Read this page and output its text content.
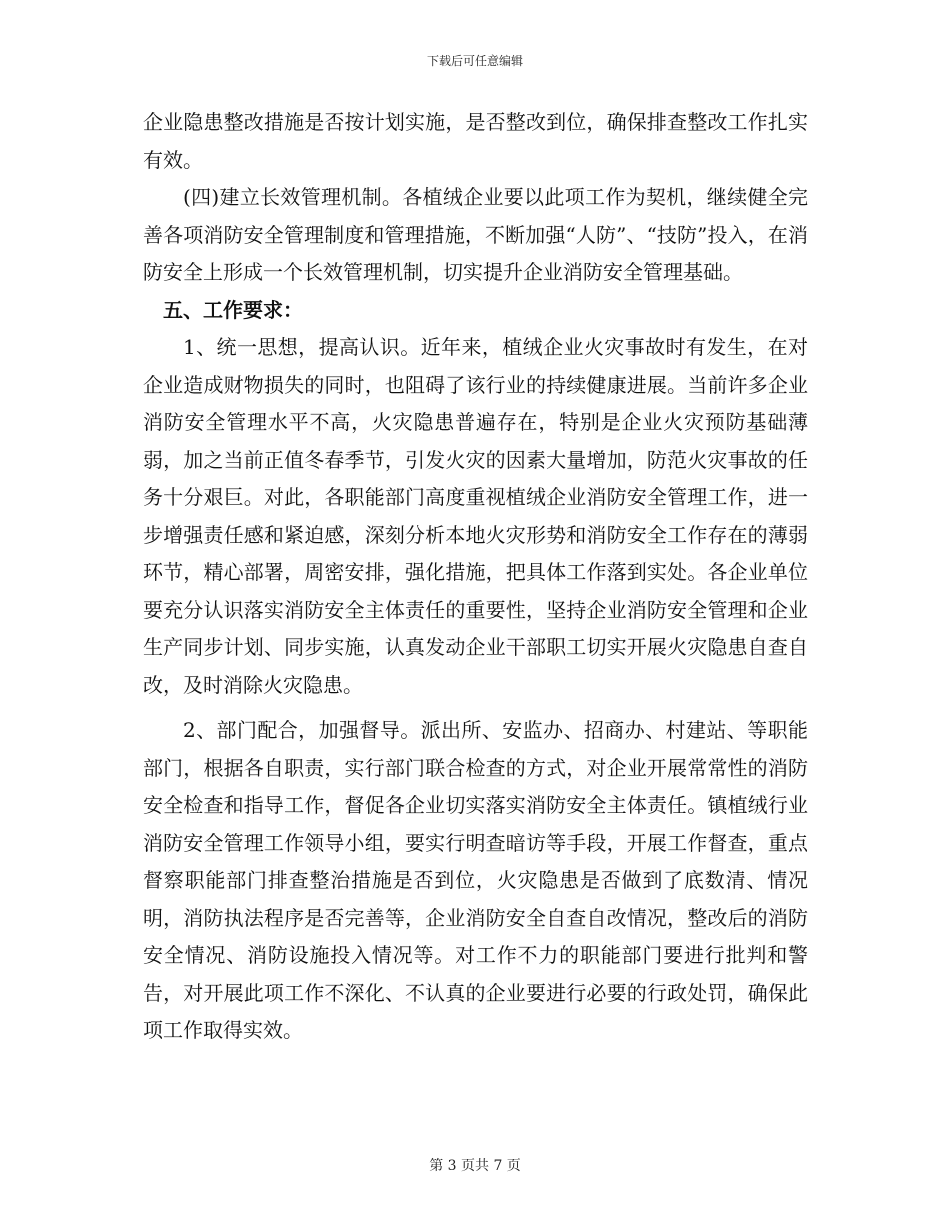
下载后可任意编辑

企业隐患整改措施是否按计划实施，是否整改到位，确保排查整改工作扎实有效。

(四)建立长效管理机制。各植绒企业要以此项工作为契机，继续健全完善各项消防安全管理制度和管理措施，不断加强“人防”、“技防”投入，在消防安全上形成一个长效管理机制，切实提升企业消防安全管理基础。

五、工作要求：

1、统一思想，提高认识。近年来，植绒企业火灾事故时有发生，在对企业造成财物损失的同时，也阻碍了该行业的持续健康进展。当前许多企业消防安全管理水平不高，火灾隐患普遍存在，特别是企业火灾预防基础薄弱，加之当前正值冬春季节，引发火灾的因素大量增加，防范火灾事故的任务十分艰巨。对此，各职能部门高度重视植绒企业消防安全管理工作，进一步增强责任感和紧迫感，深刻分析本地火灾形势和消防安全工作存在的薄弱环节，精心部署，周密安排，强化措施，把具体工作落到实处。各企业单位要充分认识落实消防安全主体责任的重要性，坚持企业消防安全管理和企业生产同步计划、同步实施，认真发动企业干部职工切实开展火灾隐患自查自改，及时消除火灾隐患。

2、部门配合，加强督导。派出所、安监办、招商办、村建站、等职能部门，根据各自职责，实行部门联合检查的方式，对企业开展常常性的消防安全检查和指导工作，督促各企业切实落实消防安全主体责任。镇植绒行业消防安全管理工作领导小组，要实行明查暗访等手段，开展工作督查，重点督察职能部门排查整治措施是否到位，火灾隐患是否做到了底数清、情况明，消防执法程序是否完善等，企业消防安全自查自改情况，整改后的消防安全情况、消防设施投入情况等。对工作不力的职能部门要进行批判和警告，对开展此项工作不深化、不认真的企业要进行必要的行政处罚，确保此项工作取得实效。

第 3 页共 7 页
